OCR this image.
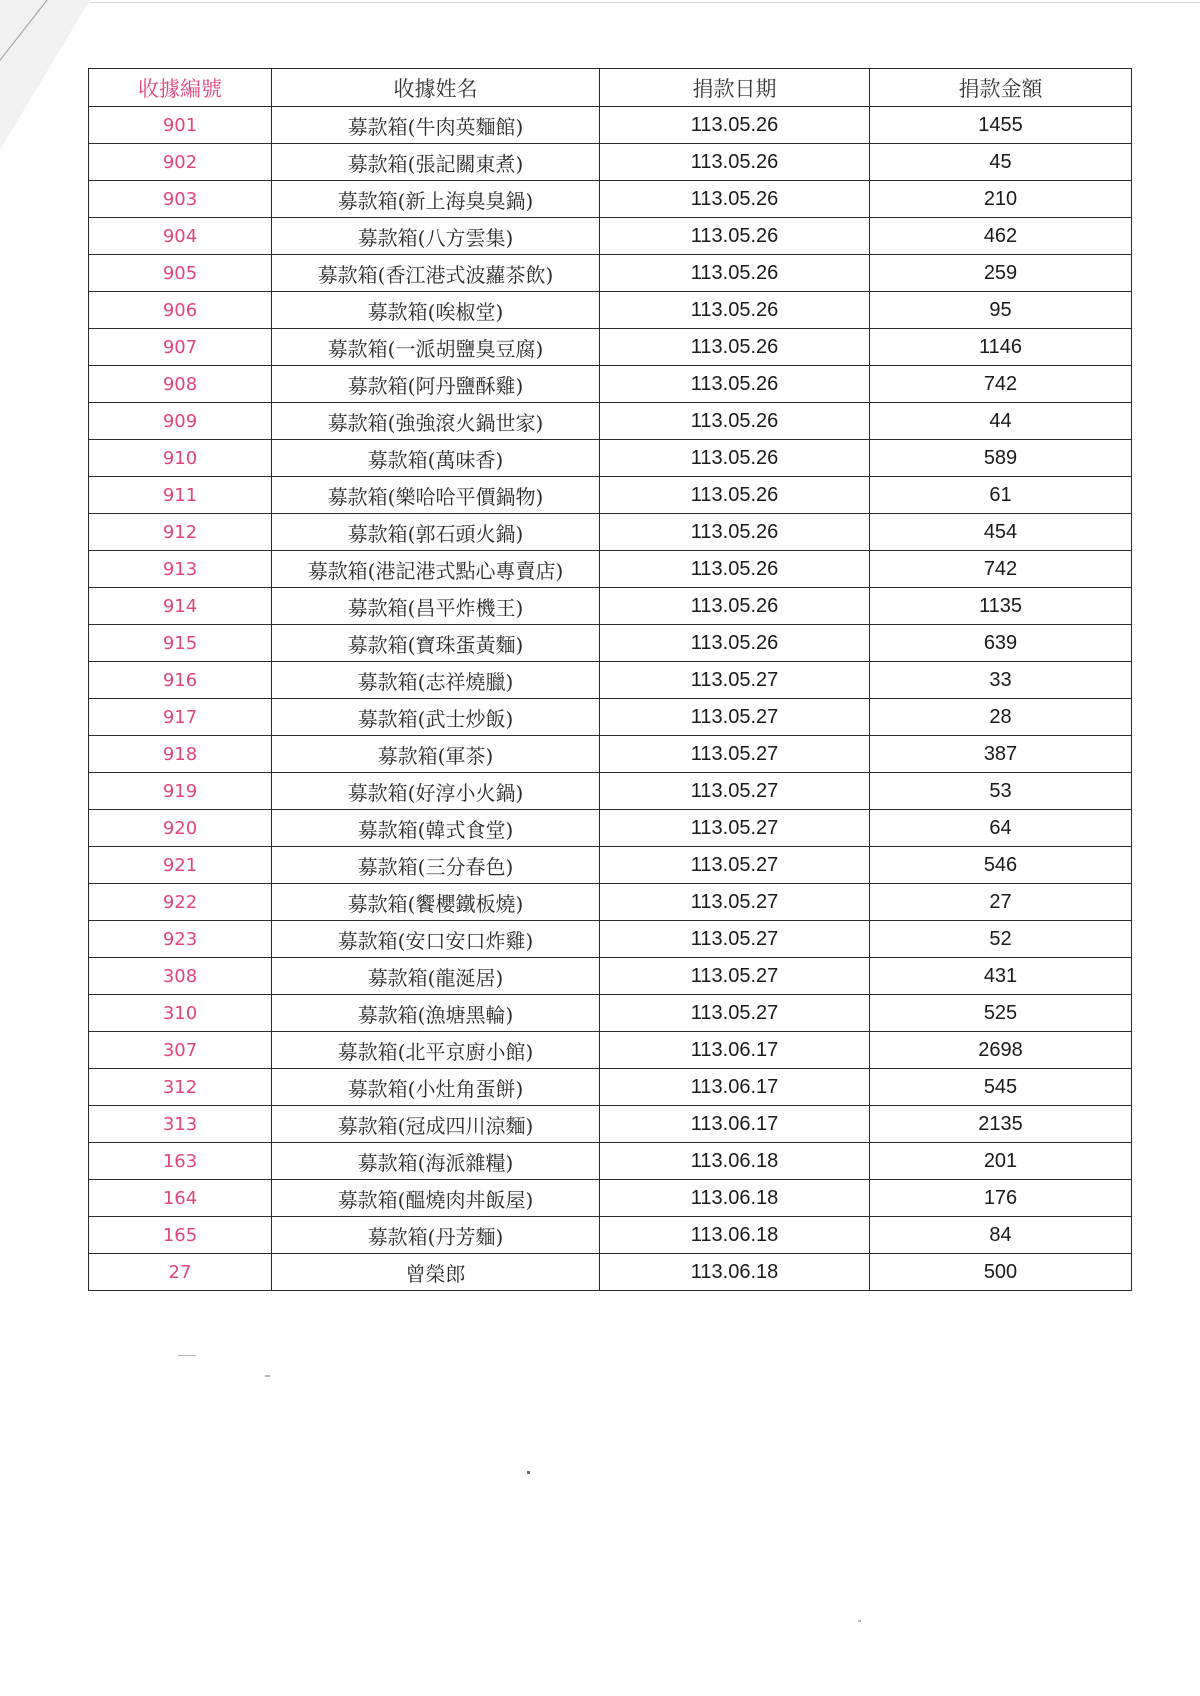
收據編號	收據姓名	捐款日期	捐款金額
901	募款箱(牛肉英麵館)	113.05.26	1455
902	募款箱(張記關東煮)	113.05.26	45
903	募款箱(新上海臭臭鍋)	113.05.26	210
904	募款箱(八方雲集)	113.05.26	462
905	募款箱(香江港式波蘿茶飲)	113.05.26	259
906	募款箱(唉椒堂)	113.05.26	95
907	募款箱(一派胡鹽臭豆腐)	113.05.26	1146
908	募款箱(阿丹鹽酥雞)	113.05.26	742
909	募款箱(強強滾火鍋世家)	113.05.26	44
910	募款箱(萬味香)	113.05.26	589
911	募款箱(樂哈哈平價鍋物)	113.05.26	61
912	募款箱(郭石頭火鍋)	113.05.26	454
913	募款箱(港記港式點心專賣店)	113.05.26	742
914	募款箱(昌平炸機王)	113.05.26	1135
915	募款箱(寶珠蛋黃麵)	113.05.26	639
916	募款箱(志祥燒臘)	113.05.27	33
917	募款箱(武士炒飯)	113.05.27	28
918	募款箱(軍茶)	113.05.27	387
919	募款箱(好淳小火鍋)	113.05.27	53
920	募款箱(韓式食堂)	113.05.27	64
921	募款箱(三分春色)	113.05.27	546
922	募款箱(饗櫻鐵板燒)	113.05.27	27
923	募款箱(安口安口炸雞)	113.05.27	52
308	募款箱(龍涎居)	113.05.27	431
310	募款箱(漁塘黑輪)	113.05.27	525
307	募款箱(北平京廚小館)	113.06.17	2698
312	募款箱(小灶角蛋餅)	113.06.17	545
313	募款箱(冠成四川涼麵)	113.06.17	2135
163	募款箱(海派雜糧)	113.06.18	201
164	募款箱(醞燒肉丼飯屋)	113.06.18	176
165	募款箱(丹芳麵)	113.06.18	84
27	曾榮郎	113.06.18	500
